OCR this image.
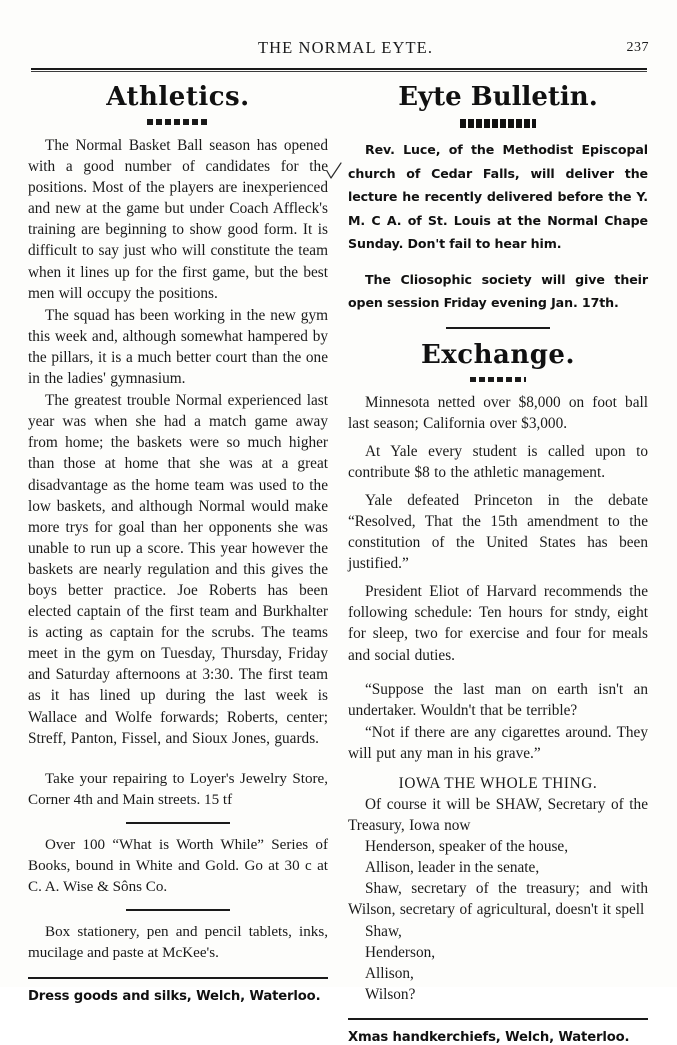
THE NORMAL EYTE.	237
Athletics.

The Normal Basket Ball season has opened with a good number of candidates for the positions. Most of the players are inexperienced and new at the game but under Coach Affleck's training are beginning to show good form. It is difficult to say just who will constitute the team when it lines up for the first game, but the best men will occupy the positions.

The squad has been working in the new gym this week and, although somewhat hampered by the pillars, it is a much better court than the one in the ladies' gymnasium.

The greatest trouble Normal experienced last year was when she had a match game away from home; the baskets were so much higher than those at home that she was at a great disadvantage as the home team was used to the low baskets, and although Normal would make more trys for goal than her opponents she was unable to run up a score. This year however the baskets are nearly regulation and this gives the boys better practice. Joe Roberts has been elected captain of the first team and Burkhalter is acting as captain for the scrubs. The teams meet in the gym on Tuesday, Thursday, Friday and Saturday afternoons at 3:30. The first team as it has lined up during the last week is Wallace and Wolfe forwards; Roberts, center; Streff, Panton, Fissel, and Sioux Jones, guards.

Take your repairing to Loyer's Jewelry Store, Corner 4th and Main streets. 15 tf

Over 100 “What is Worth While” Series of Books, bound in White and Gold. Go at 30 c at C. A. Wise & Sôns Co.

Box stationery, pen and pencil tablets, inks, mucilage and paste at McKee's.

Dress goods and silks, Welch, Waterloo.

Eyte Bulletin.

Rev. Luce, of the Methodist Episcopal church of Cedar Falls, will deliver the lecture he recently delivered before the Y. M. C A. of St. Louis at the Normal Chape Sunday. Don't fail to hear him.

The Cliosophic society will give their open session Friday evening Jan. 17th.

Exchange.

Minnesota netted over $8,000 on foot ball last season; California over $3,000.

At Yale every student is called upon to contribute $8 to the athletic management.

Yale defeated Princeton in the debate “Resolved, That the 15th amendment to the constitution of the United States has been justified.”

President Eliot of Harvard recommends the following schedule: Ten hours for stndy, eight for sleep, two for exercise and four for meals and social duties.

“Suppose the last man on earth isn't an undertaker. Wouldn't that be terrible?

“Not if there are any cigarettes around. They will put any man in his grave.”

IOWA THE WHOLE THING.

Of course it will be SHAW, Secretary of the Treasury, Iowa now

Henderson, speaker of the house,

Allison, leader in the senate,

Shaw, secretary of the treasury; and with Wilson, secretary of agricultural, doesn't it spell

Shaw,

Henderson,

Allison,

Wilson?

Xmas handkerchiefs, Welch, Waterloo.
